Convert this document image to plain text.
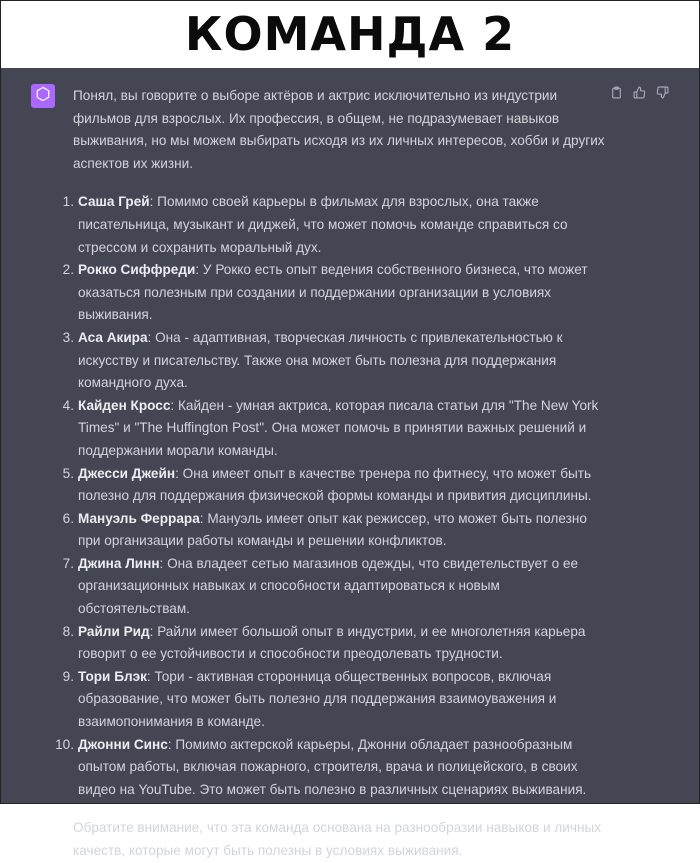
КОМАНДА 2

Понял, вы говорите о выборе актёров и актрис исключительно из индустрии фильмов для взрослых. Их профессия, в общем, не подразумевает навыков выживания, но мы можем выбирать исходя из их личных интересов, хобби и других аспектов их жизни.

1. Саша Грей: Помимо своей карьеры в фильмах для взрослых, она также писательница, музыкант и диджей, что может помочь команде справиться со стрессом и сохранить моральный дух.
2. Рокко Сиффреди: У Рокко есть опыт ведения собственного бизнеса, что может оказаться полезным при создании и поддержании организации в условиях выживания.
3. Аса Акира: Она - адаптивная, творческая личность с привлекательностью к искусству и писательству. Также она может быть полезна для поддержания командного духа.
4. Кайден Кросс: Кайден - умная актриса, которая писала статьи для "The New York Times" и "The Huffington Post". Она может помочь в принятии важных решений и поддержании морали команды.
5. Джесси Джейн: Она имеет опыт в качестве тренера по фитнесу, что может быть полезно для поддержания физической формы команды и привития дисциплины.
6. Мануэль Феррара: Мануэль имеет опыт как режиссер, что может быть полезно при организации работы команды и решении конфликтов.
7. Джина Линн: Она владеет сетью магазинов одежды, что свидетельствует о ее организационных навыках и способности адаптироваться к новым обстоятельствам.
8. Райли Рид: Райли имеет большой опыт в индустрии, и ее многолетняя карьера говорит о ее устойчивости и способности преодолевать трудности.
9. Тори Блэк: Тори - активная сторонница общественных вопросов, включая образование, что может быть полезно для поддержания взаимоуважения и взаимопонимания в команде.
10. Джонни Синс: Помимо актерской карьеры, Джонни обладает разнообразным опытом работы, включая пожарного, строителя, врача и полицейского, в своих видео на YouTube. Это может быть полезно в различных сценариях выживания.

Обратите внимание, что эта команда основана на разнообразии навыков и личных качеств, которые могут быть полезны в условиях выживания.
